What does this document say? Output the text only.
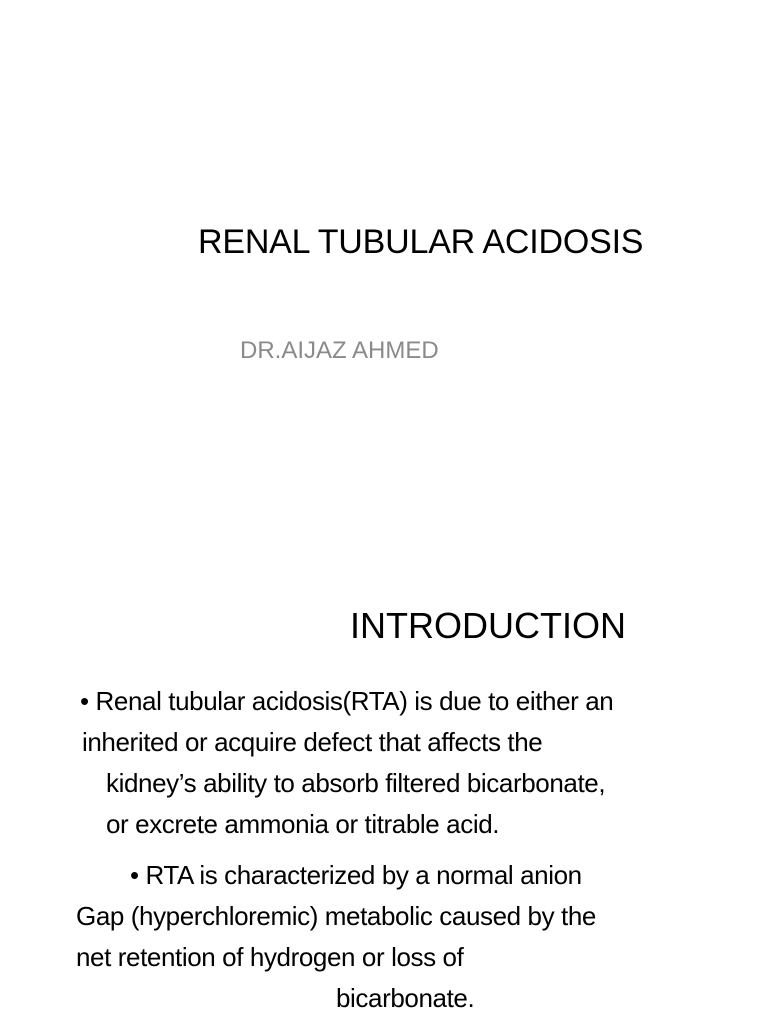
RENAL TUBULAR ACIDOSIS
DR.AIJAZ AHMED
INTRODUCTION
• Renal tubular acidosis(RTA) is due to either an
inherited or acquire defect that affects the
kidney’s ability to absorb filtered bicarbonate,
or excrete ammonia or titrable acid.
• RTA is characterized by a normal anion
Gap (hyperchloremic) metabolic caused by the
net retention of hydrogen or loss of
bicarbonate.
